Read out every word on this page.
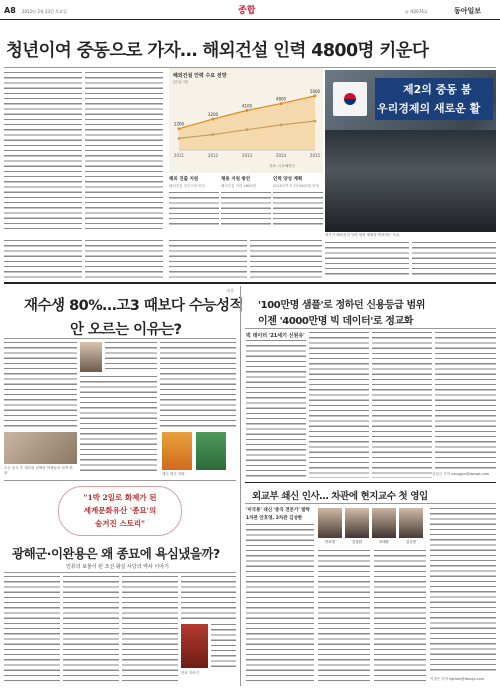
A8 2012년 2월 23일 목요일	종합	◎ 제2074호	동아일보
청년이여 중동으로 가자… 해외건설 인력 4800명 키운다
해외건설 인력 수요 전망
(단위: 명)
2200
3200
4100
4800
5600
2011	2012	2013	2014	2015
자료: 국토해양부
제2의 중동 붐
우리경제의 새로운 활
정부가 해외건설 인력 양성 계획을 발표하는 모습.
해외 진출 지원
해외건설 전문인력 양성
채용 지원 방안
해외건설 인력 4800명
인력 양성 계획
2015년까지 1만4000명 양성
대성
재수생 80%…고3 때보다 수능성적
안 오르는 이유는?
수능 응시 후 재수를 선택한 학생들의 성적 변화.	재수 생존 전략
"1박 2일로 화제가 된
세계문화유산 '종묘'의
숨겨진 스토리"
광해군·이완용은 왜 종묘에 욕심냈을까?
인류의 보물이 된 조선 왕실 사당의 역사 이야기
종묘 이야기
'100만명 샘플'로 정하던 신용등급 범위
이젠 '4000만명 빅 데이터'로 정교화
빅 데이터 '21세기 신원유'
김성규 기자 sunggyu@donga.com
외교부 쇄신 인사… 차관에 현지교수 첫 영입
'미국통' 대신 '중국 전문가' 발탁
1차관 안호영, 2차관 김성한
안호영	김성한	조태용	김규현
이정은 기자 lightee@donga.com
